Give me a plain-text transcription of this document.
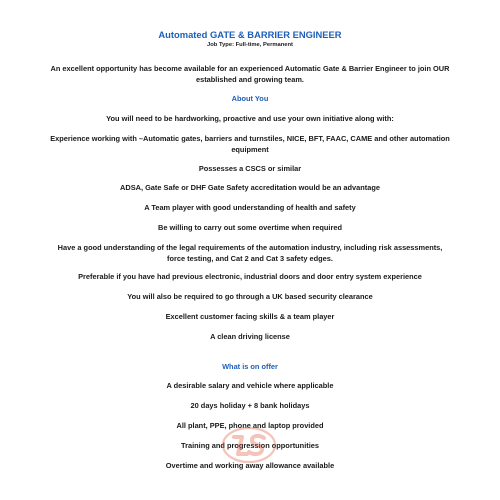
Automated GATE & BARRIER ENGINEER

Job Type: Full-time, Permanent

An excellent opportunity has become available for an experienced Automatic Gate & Barrier Engineer to join OUR established and growing team.

About You

You will need to be hardworking, proactive and use your own initiative along with:

Experience working with –Automatic gates, barriers and turnstiles, NICE, BFT, FAAC, CAME and other automation equipment

Possesses a CSCS or similar

ADSA, Gate Safe or DHF Gate Safety accreditation would be an advantage

A Team player with good understanding of health and safety

Be willing to carry out some overtime when required

Have a good understanding of the legal requirements of the automation industry, including risk assessments, force testing, and Cat 2 and Cat 3 safety edges.

Preferable if you have had previous electronic, industrial doors and door entry system experience

You will also be required to go through a UK based security clearance

Excellent customer facing skills & a team player

A clean driving license

What is on offer

A desirable salary and vehicle where applicable

20 days holiday + 8 bank holidays

All plant, PPE, phone and laptop provided

Training and progression opportunities

Overtime and working away allowance available
